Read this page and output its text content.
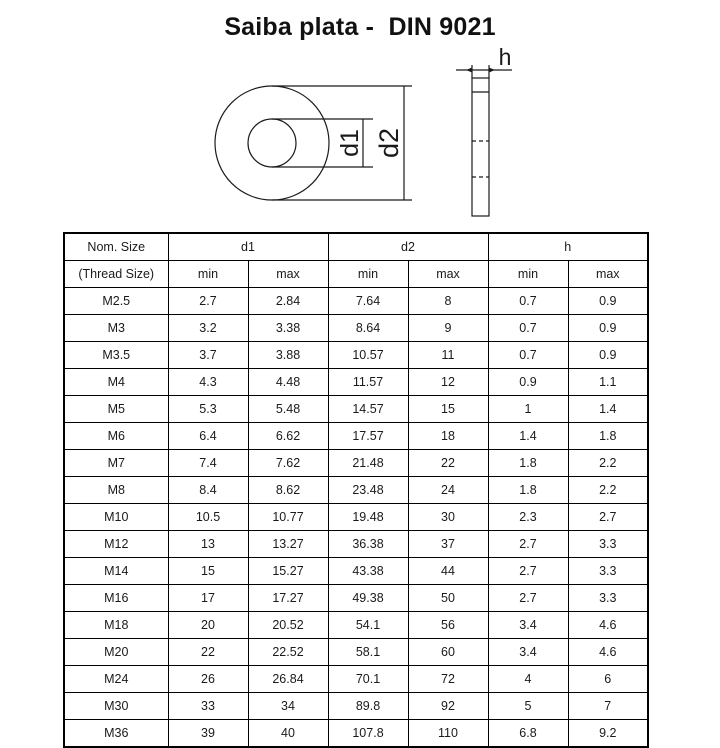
Saiba plata -  DIN 9021
d1 d2
h
Nom. Size	d1		d2		h	
(Thread Size)	min	max	min	max	min	max
M2.5	2.7	2.84	7.64	8	0.7	0.9
M3	3.2	3.38	8.64	9	0.7	0.9
M3.5	3.7	3.88	10.57	11	0.7	0.9
M4	4.3	4.48	11.57	12	0.9	1.1
M5	5.3	5.48	14.57	15	1	1.4
M6	6.4	6.62	17.57	18	1.4	1.8
M7	7.4	7.62	21.48	22	1.8	2.2
M8	8.4	8.62	23.48	24	1.8	2.2
M10	10.5	10.77	19.48	30	2.3	2.7
M12	13	13.27	36.38	37	2.7	3.3
M14	15	15.27	43.38	44	2.7	3.3
M16	17	17.27	49.38	50	2.7	3.3
M18	20	20.52	54.1	56	3.4	4.6
M20	22	22.52	58.1	60	3.4	4.6
M24	26	26.84	70.1	72	4	6
M30	33	34	89.8	92	5	7
M36	39	40	107.8	110	6.8	9.2
